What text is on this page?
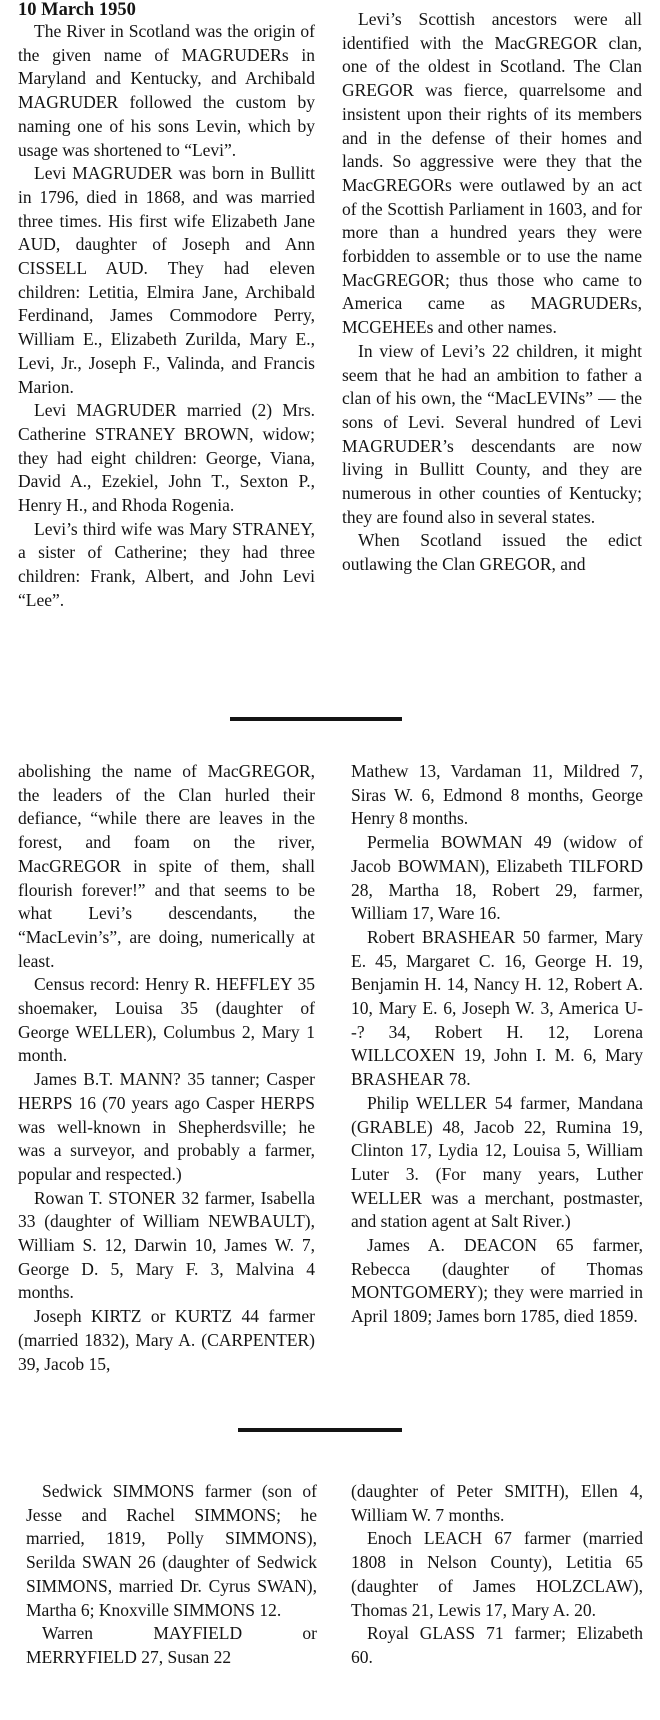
10 March 1950

The River in Scotland was the origin of the given name of MAGRUDERs in Maryland and Kentucky, and Archibald MAGRUDER followed the custom by naming one of his sons Levin, which by usage was shortened to “Levi”.

Levi MAGRUDER was born in Bullitt in 1796, died in 1868, and was married three times. His first wife Elizabeth Jane AUD, daughter of Joseph and Ann CISSELL AUD. They had eleven children: Letitia, Elmira Jane, Archibald Ferdinand, James Commodore Perry, William E., Elizabeth Zurilda, Mary E., Levi, Jr., Joseph F., Valinda, and Francis Marion.

Levi MAGRUDER married (2) Mrs. Catherine STRANEY BROWN, widow; they had eight children: George, Viana, David A., Ezekiel, John T., Sexton P., Henry H., and Rhoda Rogenia.

Levi’s third wife was Mary STRANEY, a sister of Catherine; they had three children: Frank, Albert, and John Levi “Lee”.

Levi’s Scottish ancestors were all identified with the MacGREGOR clan, one of the oldest in Scotland. The Clan GREGOR was fierce, quarrelsome and insistent upon their rights of its members and in the defense of their homes and lands. So aggressive were they that the MacGREGORs were outlawed by an act of the Scottish Parliament in 1603, and for more than a hundred years they were forbidden to assemble or to use the name MacGREGOR; thus those who came to America came as MAGRUDERs, MCGEHEEs and other names.

In view of Levi’s 22 children, it might seem that he had an ambition to father a clan of his own, the “MacLEVINs” — the sons of Levi. Several hundred of Levi MAGRUDER’s descendants are now living in Bullitt County, and they are numerous in other counties of Kentucky; they are found also in several states.

When Scotland issued the edict outlawing the Clan GREGOR, and

abolishing the name of MacGREGOR, the leaders of the Clan hurled their defiance, “while there are leaves in the forest, and foam on the river, MacGREGOR in spite of them, shall flourish forever!” and that seems to be what Levi’s descendants, the “MacLevin’s”, are doing, numerically at least.

Census record: Henry R. HEFFLEY 35 shoemaker, Louisa 35 (daughter of George WELLER), Columbus 2, Mary 1 month.

James B.T. MANN? 35 tanner; Casper HERPS 16 (70 years ago Casper HERPS was well-known in Shepherdsville; he was a surveyor, and probably a farmer, popular and respected.)

Rowan T. STONER 32 farmer, Isabella 33 (daughter of William NEWBAULT), William S. 12, Darwin 10, James W. 7, George D. 5, Mary F. 3, Malvina 4 months.

Joseph KIRTZ or KURTZ 44 farmer (married 1832), Mary A. (CARPENTER) 39, Jacob 15,

Mathew 13, Vardaman 11, Mildred 7, Siras W. 6, Edmond 8 months, George Henry 8 months.

Permelia BOWMAN 49 (widow of Jacob BOWMAN), Elizabeth TILFORD 28, Martha 18, Robert 29, farmer, William 17, Ware 16.

Robert BRASHEAR 50 farmer, Mary E. 45, Margaret C. 16, George H. 19, Benjamin H. 14, Nancy H. 12, Robert A. 10, Mary E. 6, Joseph W. 3, America U--? 34, Robert H. 12, Lorena WILLCOXEN 19, John I. M. 6, Mary BRASHEAR 78.

Philip WELLER 54 farmer, Mandana (GRABLE) 48, Jacob 22, Rumina 19, Clinton 17, Lydia 12, Louisa 5, William Luter 3. (For many years, Luther WELLER was a merchant, postmaster, and station agent at Salt River.)

James A. DEACON 65 farmer, Rebecca (daughter of Thomas MONTGOMERY); they were married in April 1809; James born 1785, died 1859.

Sedwick SIMMONS farmer (son of Jesse and Rachel SIMMONS; he married, 1819, Polly SIMMONS), Serilda SWAN 26 (daughter of Sedwick SIMMONS, married Dr. Cyrus SWAN), Martha 6; Knoxville SIMMONS 12.

Warren MAYFIELD or MERRYFIELD 27, Susan 22

(daughter of Peter SMITH), Ellen 4, William W. 7 months.

Enoch LEACH 67 farmer (married 1808 in Nelson County), Letitia 65 (daughter of James HOLZCLAW), Thomas 21, Lewis 17, Mary A. 20.

Royal GLASS 71 farmer; Elizabeth 60.
